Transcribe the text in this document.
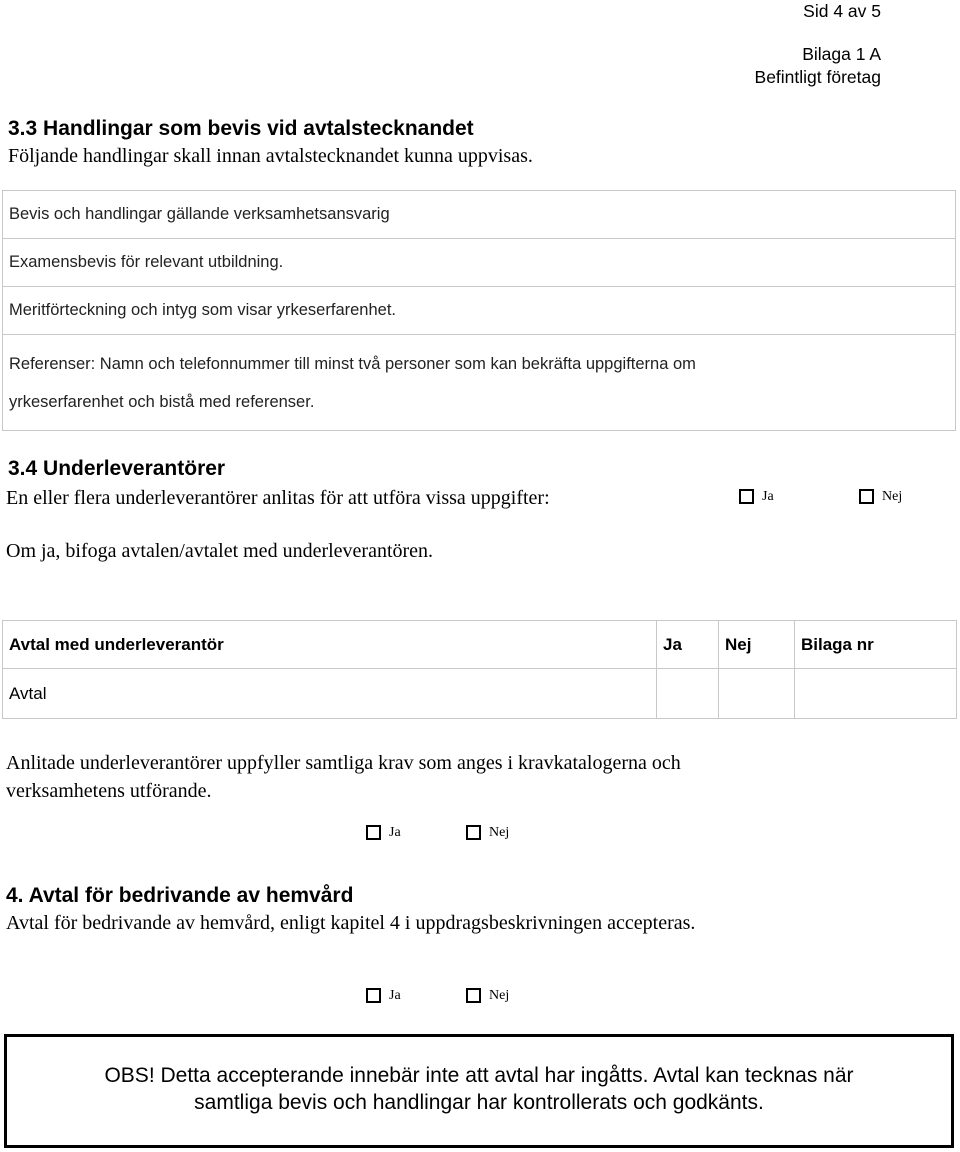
Sid 4 av 5
Bilaga 1 A
Befintligt företag
3.3 Handlingar som bevis vid avtalstecknandet
Följande handlingar skall innan avtalstecknandet kunna uppvisas.
Bevis och handlingar gällande verksamhetsansvarig
Examensbevis för relevant utbildning.
Meritförteckning och intyg som visar yrkeserfarenhet.

Referenser: Namn och telefonnummer till minst två personer som kan bekräfta uppgifterna om
yrkeserfarenhet och bistå med referenser.
3.4 Underleverantörer
En eller flera underleverantörer anlitas för att utföra vissa uppgifter:	Ja	Nej
Om ja, bifoga avtalen/avtalet med underleverantören.
Avtal med underleverantör	Ja	Nej	Bilaga nr
Avtal			
Anlitade underleverantörer uppfyller samtliga krav som anges i kravkatalogerna och
verksamhetens utförande.
Ja	Nej
4. Avtal för bedrivande av hemvård
Avtal för bedrivande av hemvård, enligt kapitel 4 i uppdragsbeskrivningen accepteras.
Ja	Nej
OBS! Detta accepterande innebär inte att avtal har ingåtts. Avtal kan tecknas när
samtliga bevis och handlingar har kontrollerats och godkänts.
